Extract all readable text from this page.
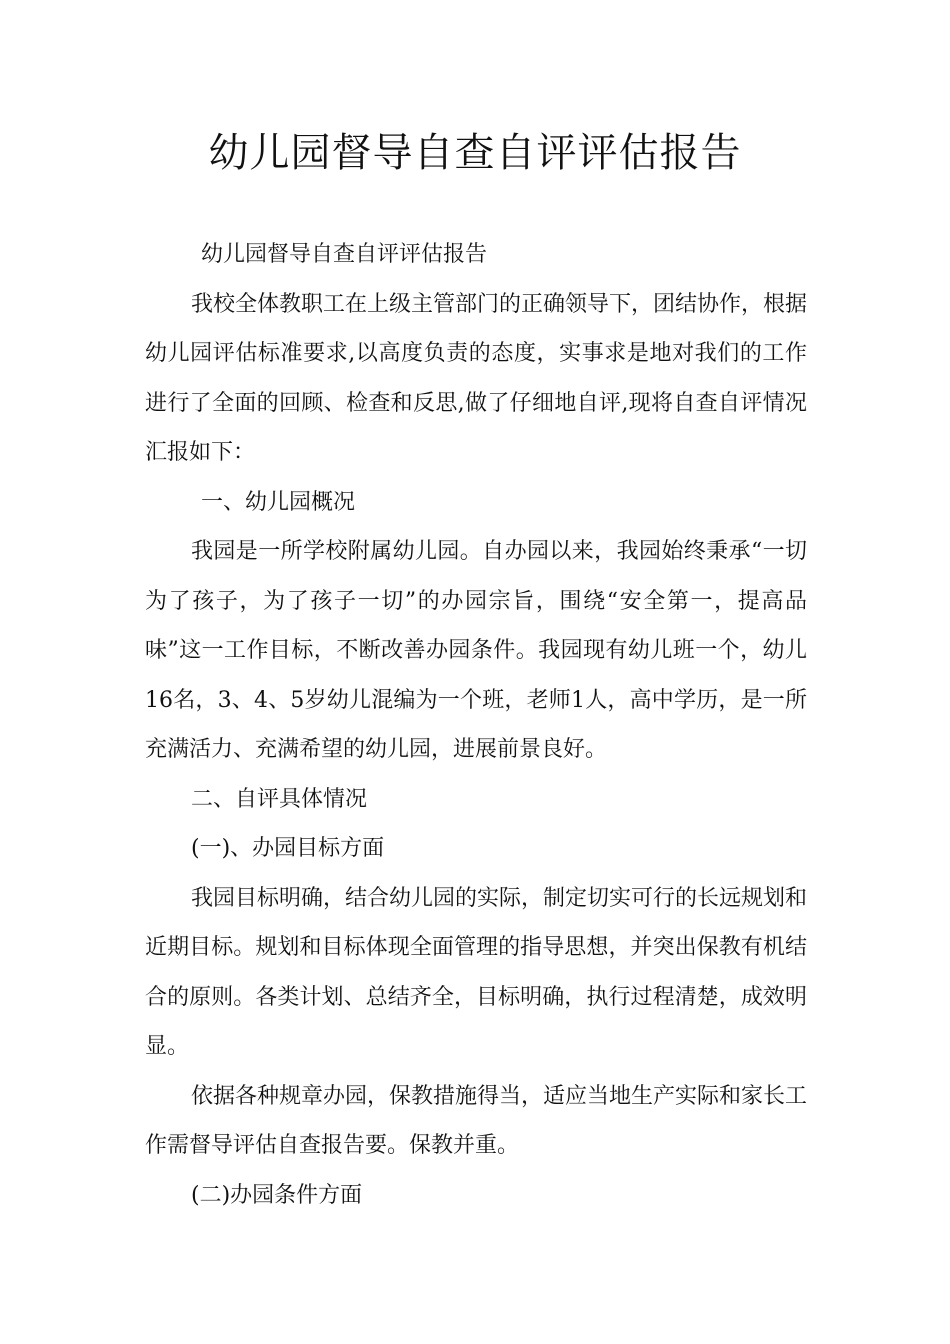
幼儿园督导自查自评评估报告

幼儿园督导自查自评评估报告

我校全体教职工在上级主管部门的正确领导下，团结协作，根据幼儿园评估标准要求,以高度负责的态度，实事求是地对我们的工作进行了全面的回顾、检查和反思,做了仔细地自评,现将自查自评情况汇报如下：

一、幼儿园概况

我园是一所学校附属幼儿园。自办园以来，我园始终秉承“一切为了孩子，为了孩子一切”的办园宗旨，围绕“安全第一，提高品味”这一工作目标，不断改善办园条件。我园现有幼儿班一个，幼儿16名，3、4、5岁幼儿混编为一个班，老师1人，高中学历，是一所充满活力、充满希望的幼儿园，进展前景良好。

二、自评具体情况

(一)、办园目标方面

我园目标明确，结合幼儿园的实际，制定切实可行的长远规划和近期目标。规划和目标体现全面管理的指导思想，并突出保教有机结合的原则。各类计划、总结齐全，目标明确，执行过程清楚，成效明显。

依据各种规章办园，保教措施得当，适应当地生产实际和家长工作需督导评估自查报告要。保教并重。

(二)办园条件方面
